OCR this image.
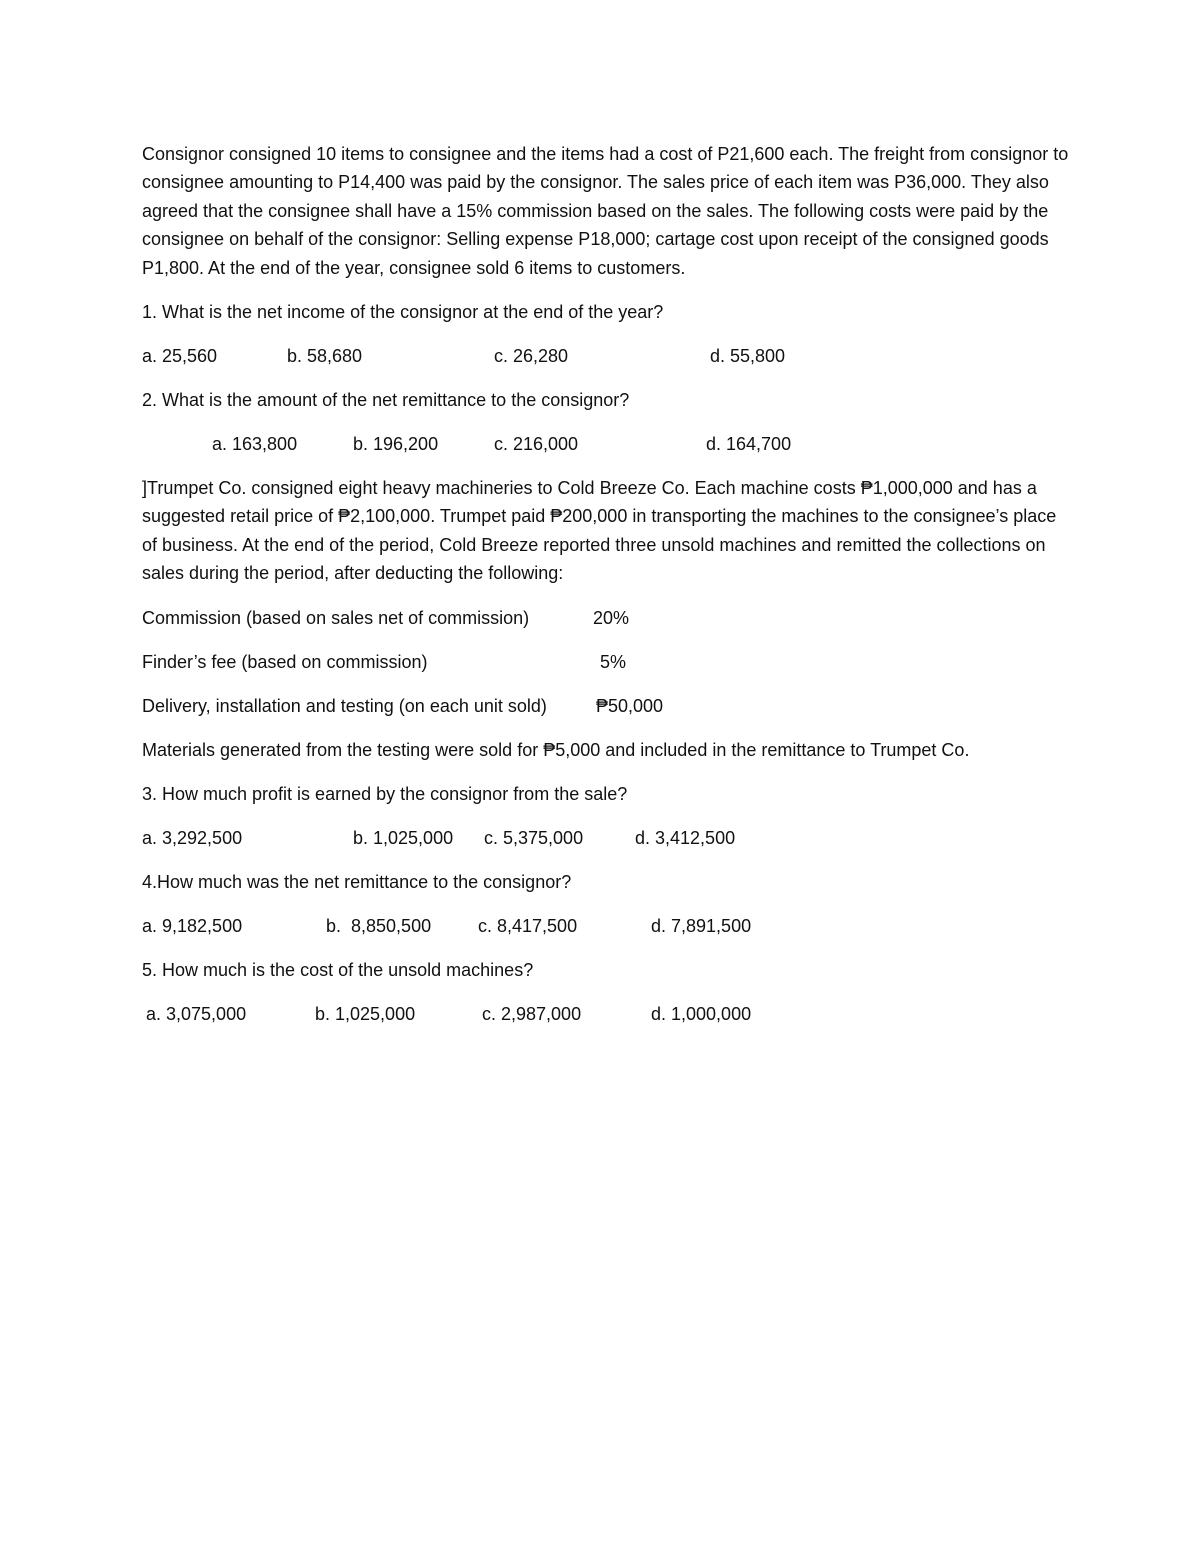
Consignor consigned 10 items to consignee and the items had a cost of P21,600 each. The freight from consignor to consignee amounting to P14,400 was paid by the consignor. The sales price of each item was P36,000. They also agreed that the consignee shall have a 15% commission based on the sales. The following costs were paid by the consignee on behalf of the consignor: Selling expense P18,000; cartage cost upon receipt of the consigned goods P1,800. At the end of the year, consignee sold 6 items to customers.

1. What is the net income of the consignor at the end of the year?

a. 25,560	b. 58,680	c. 26,280	d. 55,800

2. What is the amount of the net remittance to the consignor?

a. 163,800	b. 196,200	c. 216,000	d. 164,700

]Trumpet Co. consigned eight heavy machineries to Cold Breeze Co. Each machine costs ₱1,000,000 and has a suggested retail price of ₱2,100,000. Trumpet paid ₱200,000 in transporting the machines to the consignee’s place of business. At the end of the period, Cold Breeze reported three unsold machines and remitted the collections on sales during the period, after deducting the following:

Commission (based on sales net of commission)	20%
Finder’s fee (based on commission)	5%
Delivery, installation and testing (on each unit sold)	₱50,000

Materials generated from the testing were sold for ₱5,000 and included in the remittance to Trumpet Co.

3. How much profit is earned by the consignor from the sale?

a. 3,292,500	b. 1,025,000 c. 5,375,000	d. 3,412,500

4.How much was the net remittance to the consignor?

a. 9,182,500	b.  8,850,500	c. 8,417,500	d. 7,891,500

5. How much is the cost of the unsold machines?

a. 3,075,000	b. 1,025,000	c. 2,987,000	d. 1,000,000
